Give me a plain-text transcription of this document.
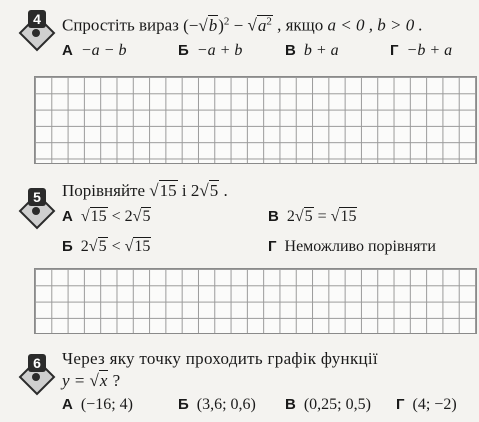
4	Спростіть вираз $(-√b)^2 - √a^2$ , якщо a < 0 , b > 0 .
А −a − b	Б −a + b	В b + a	Г −b + a
5	Порівняйте √15 і 2√5 .
А √15 < 2√5	В 2√5 = √15
Б 2√5 < √15	Г Неможливо порівняти
6	Через яку точку проходить графік функції
y = √x ?
А (−16; 4)	Б (3,6; 0,6) В (0,25; 0,5) Г (4; −2)
